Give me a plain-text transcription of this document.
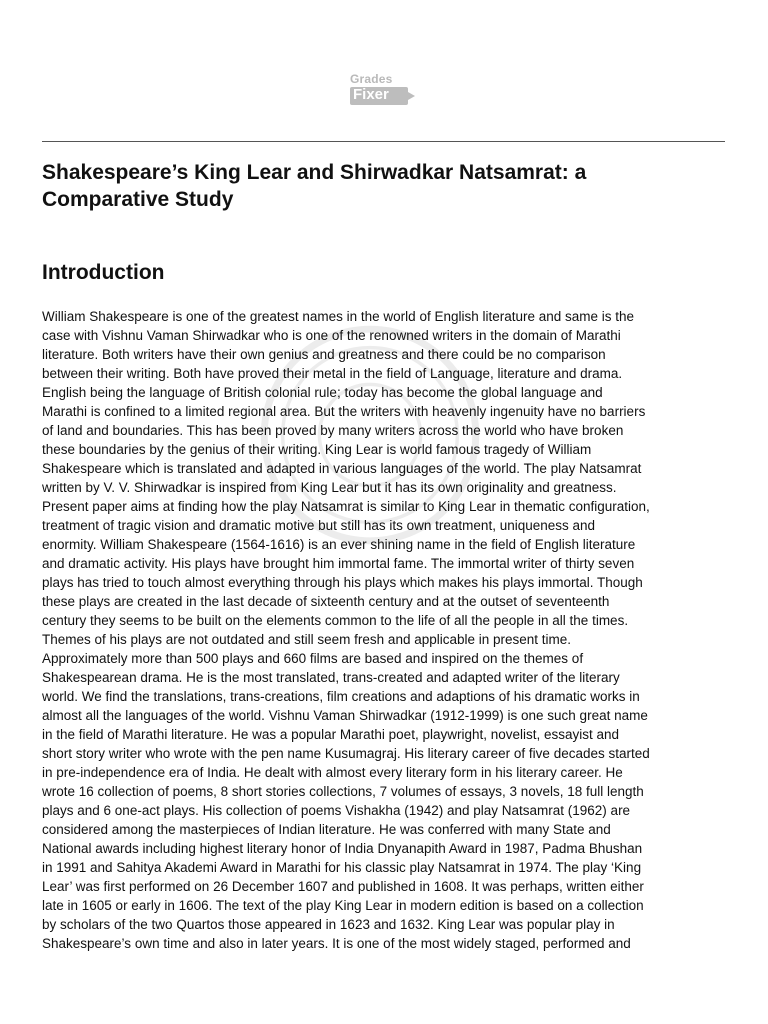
Grades
Fixer
Shakespeare’s King Lear and Shirwadkar Natsamrat: a
Comparative Study
Introduction
William Shakespeare is one of the greatest names in the world of English literature and same is the
case with Vishnu Vaman Shirwadkar who is one of the renowned writers in the domain of Marathi
literature. Both writers have their own genius and greatness and there could be no comparison
between their writing. Both have proved their metal in the field of Language, literature and drama.
English being the language of British colonial rule; today has become the global language and
Marathi is confined to a limited regional area. But the writers with heavenly ingenuity have no barriers
of land and boundaries. This has been proved by many writers across the world who have broken
these boundaries by the genius of their writing. King Lear is world famous tragedy of William
Shakespeare which is translated and adapted in various languages of the world. The play Natsamrat
written by V. V. Shirwadkar is inspired from King Lear but it has its own originality and greatness.
Present paper aims at finding how the play Natsamrat is similar to King Lear in thematic configuration,
treatment of tragic vision and dramatic motive but still has its own treatment, uniqueness and
enormity. William Shakespeare (1564-1616) is an ever shining name in the field of English literature
and dramatic activity. His plays have brought him immortal fame. The immortal writer of thirty seven
plays has tried to touch almost everything through his plays which makes his plays immortal. Though
these plays are created in the last decade of sixteenth century and at the outset of seventeenth
century they seems to be built on the elements common to the life of all the people in all the times.
Themes of his plays are not outdated and still seem fresh and applicable in present time.
Approximately more than 500 plays and 660 films are based and inspired on the themes of
Shakespearean drama. He is the most translated, trans-created and adapted writer of the literary
world. We find the translations, trans-creations, film creations and adaptions of his dramatic works in
almost all the languages of the world. Vishnu Vaman Shirwadkar (1912-1999) is one such great name
in the field of Marathi literature. He was a popular Marathi poet, playwright, novelist, essayist and
short story writer who wrote with the pen name Kusumagraj. His literary career of five decades started
in pre-independence era of India. He dealt with almost every literary form in his literary career. He
wrote 16 collection of poems, 8 short stories collections, 7 volumes of essays, 3 novels, 18 full length
plays and 6 one-act plays. His collection of poems Vishakha (1942) and play Natsamrat (1962) are
considered among the masterpieces of Indian literature. He was conferred with many State and
National awards including highest literary honor of India Dnyanapith Award in 1987, Padma Bhushan
in 1991 and Sahitya Akademi Award in Marathi for his classic play Natsamrat in 1974. The play ‘King
Lear’ was first performed on 26 December 1607 and published in 1608. It was perhaps, written either
late in 1605 or early in 1606. The text of the play King Lear in modern edition is based on a collection
by scholars of the two Quartos those appeared in 1623 and 1632. King Lear was popular play in
Shakespeare’s own time and also in later years. It is one of the most widely staged, performed and
